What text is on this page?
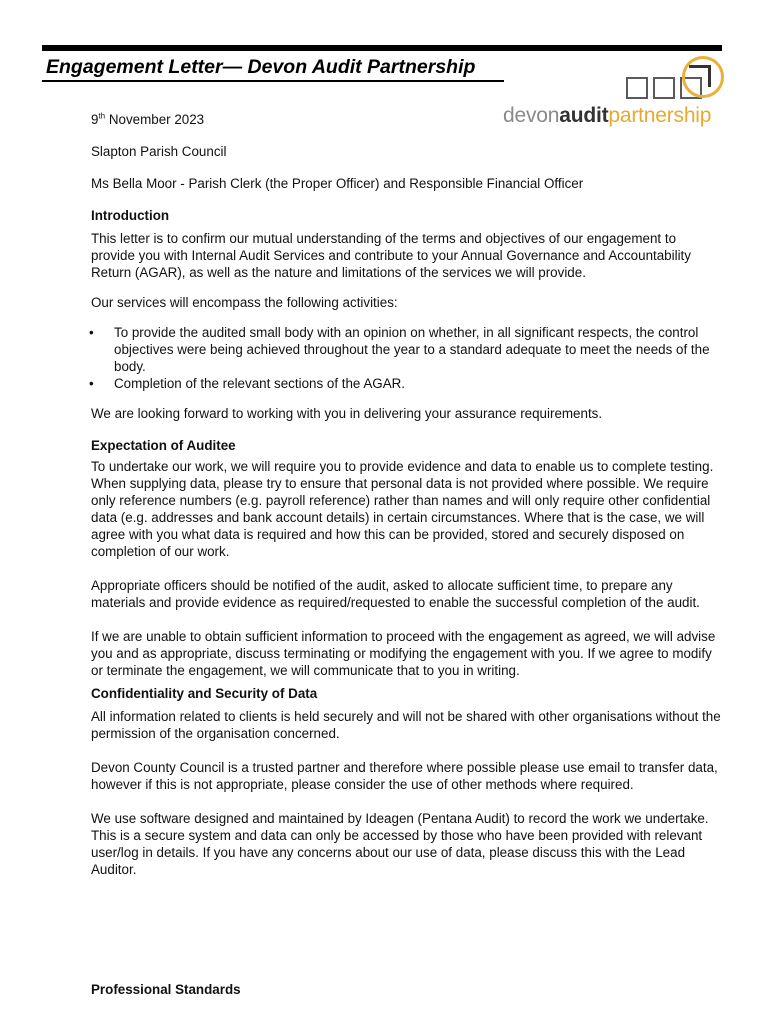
Engagement Letter— Devon Audit Partnership
devonauditpartnership

9th November 2023

Slapton Parish Council

Ms Bella Moor - Parish Clerk (the Proper Officer) and Responsible Financial Officer

Introduction

This letter is to confirm our mutual understanding of the terms and objectives of our engagement to provide you with Internal Audit Services and contribute to your Annual Governance and Accountability Return (AGAR), as well as the nature and limitations of the services we will provide.

Our services will encompass the following activities:

• To provide the audited small body with an opinion on whether, in all significant respects, the control objectives were being achieved throughout the year to a standard adequate to meet the needs of the body.
• Completion of the relevant sections of the AGAR.

We are looking forward to working with you in delivering your assurance requirements.

Expectation of Auditee

To undertake our work, we will require you to provide evidence and data to enable us to complete testing. When supplying data, please try to ensure that personal data is not provided where possible. We require only reference numbers (e.g. payroll reference) rather than names and will only require other confidential data (e.g. addresses and bank account details) in certain circumstances. Where that is the case, we will agree with you what data is required and how this can be provided, stored and securely disposed on completion of our work.

Appropriate officers should be notified of the audit, asked to allocate sufficient time, to prepare any materials and provide evidence as required/requested to enable the successful completion of the audit.

If we are unable to obtain sufficient information to proceed with the engagement as agreed, we will advise you and as appropriate, discuss terminating or modifying the engagement with you. If we agree to modify or terminate the engagement, we will communicate that to you in writing.

Confidentiality and Security of Data

All information related to clients is held securely and will not be shared with other organisations without the permission of the organisation concerned.

Devon County Council is a trusted partner and therefore where possible please use email to transfer data, however if this is not appropriate, please consider the use of other methods where required.

We use software designed and maintained by Ideagen (Pentana Audit) to record the work we undertake. This is a secure system and data can only be accessed by those who have been provided with relevant user/log in details. If you have any concerns about our use of data, please discuss this with the Lead Auditor.

Professional Standards
